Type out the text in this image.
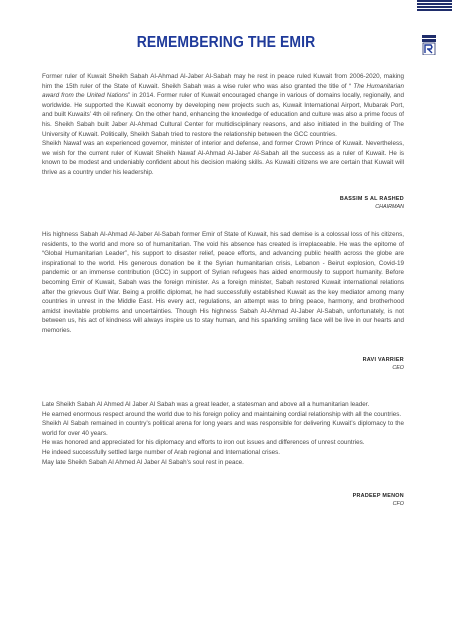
REMEMBERING THE EMIR

Former ruler of Kuwait Sheikh Sabah Al-Ahmad Al-Jaber Al-Sabah may he rest in peace ruled Kuwait from 2006-2020, making him the 15th ruler of the State of Kuwait. Sheikh Sabah was a wise ruler who was also granted the title of “ The Humanitarian award from the United Nations” in 2014. Former ruler of Kuwait encouraged change in various of domains locally, regionally, and worldwide. He supported the Kuwait economy by developing new projects such as, Kuwait International Airport, Mubarak Port, and built Kuwaits’ 4th oil refinery. On the other hand, enhancing the knowledge of education and culture was also a prime focus of his. Sheikh Sabah built Jaber Al-Ahmad Cultural Center for multidisciplinary reasons, and also initiated in the building of The University of Kuwait. Politically, Sheikh Sabah tried to restore the relationship between the GCC countries.

Sheikh Nawaf was an experienced governor, minister of interior and defense, and former Crown Prince of Kuwait. Nevertheless, we wish for the current ruler of Kuwait Sheikh Nawaf Al-Ahmad Al-Jaber Al-Sabah all the success as a ruler of Kuwait. He is known to be modest and undeniably confident about his decision making skills. As Kuwaiti citizens we are certain that Kuwait will thrive as a country under his leadership.

BASSIM S AL RASHED
CHAIRMAN

His highness Sabah Al-Ahmad Al-Jaber Al-Sabah former Emir of State of Kuwait, his sad demise is a colossal loss of his citizens, residents, to the world and more so of humanitarian. The void his absence has created is irreplaceable. He was the epitome of “Global Humanitarian Leader”, his support to disaster relief, peace efforts, and advancing public health across the globe are inspirational to the world. His generous donation be it the Syrian humanitarian crisis, Lebanon - Beirut explosion, Covid-19 pandemic or an immense contribution (GCC) in support of Syrian refugees has aided enormously to support humanity. Before becoming Emir of Kuwait, Sabah was the foreign minister. As a foreign minister, Sabah restored Kuwait international relations after the grievous Gulf War. Being a prolific diplomat, he had successfully established Kuwait as the key mediator among many countries in unrest in the Middle East. His every act, regulations, an attempt was to bring peace, harmony, and brotherhood amidst inevitable problems and uncertainties. Though His highness Sabah Al-Ahmad Al-Jaber Al-Sabah, unfortunately, is not between us, his act of kindness will always inspire us to stay human, and his sparkling smiling face will be live in our hearts and memories.

RAVI VARRIER
CEO

Late Sheikh Sabah Al Ahmed Al Jaber Al Sabah was a great leader, a statesman and above all a humanitarian leader.

He earned enormous respect around the world due to his foreign policy and maintaining cordial relationship with all the countries.

Sheikh Al Sabah remained in country’s political arena for long years and was responsible for delivering Kuwait’s diplomacy to the world for over 40 years.

He was honored and appreciated for his diplomacy and efforts to iron out issues and differences of unrest countries.

He indeed successfully settled large number of Arab regional and International crises.

May late Sheikh Sabah Al Ahmed Al Jaber Al Sabah’s soul rest in peace.

PRADEEP MENON
CFO
